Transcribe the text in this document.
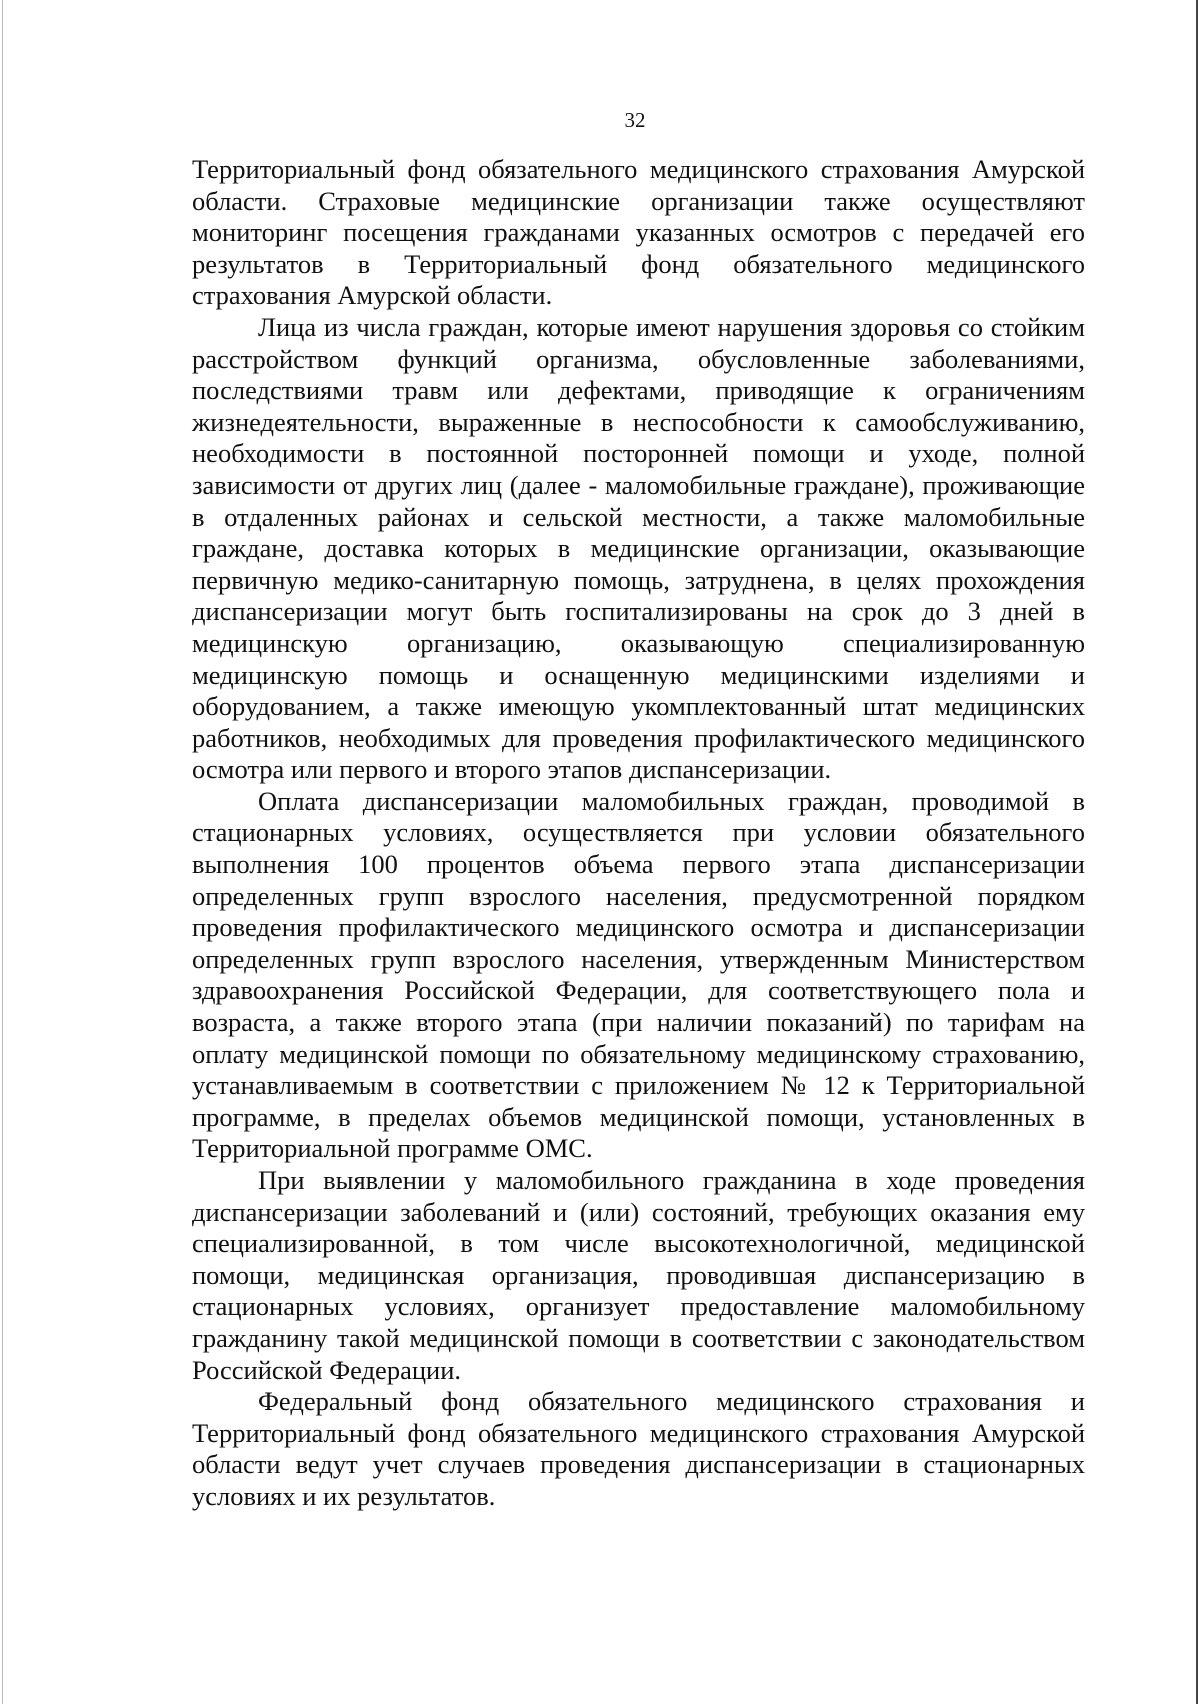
32

Территориальный фонд обязательного медицинского страхования Амурской области. Страховые медицинские организации также осуществляют мониторинг посещения гражданами указанных осмотров с передачей его результатов в Территориальный фонд обязательного медицинского страхования Амурской области.

Лица из числа граждан, которые имеют нарушения здоровья со стойким расстройством функций организма, обусловленные заболеваниями, последствиями травм или дефектами, приводящие к ограничениям жизнедеятельности, выраженные в неспособности к самообслуживанию, необходимости в постоянной посторонней помощи и уходе, полной зависимости от других лиц (далее - маломобильные граждане), проживающие в отдаленных районах и сельской местности, а также маломобильные граждане, доставка которых в медицинские организации, оказывающие первичную медико-санитарную помощь, затруднена, в целях прохождения диспансеризации могут быть госпитализированы на срок до 3 дней в медицинскую организацию, оказывающую специализированную медицинскую помощь и оснащенную медицинскими изделиями и оборудованием, а также имеющую укомплектованный штат медицинских работников, необходимых для проведения профилактического медицинского осмотра или первого и второго этапов диспансеризации.

Оплата диспансеризации маломобильных граждан, проводимой в стационарных условиях, осуществляется при условии обязательного выполнения 100 процентов объема первого этапа диспансеризации определенных групп взрослого населения, предусмотренной порядком проведения профилактического медицинского осмотра и диспансеризации определенных групп взрослого населения, утвержденным Министерством здравоохранения Российской Федерации, для соответствующего пола и возраста, а также второго этапа (при наличии показаний) по тарифам на оплату медицинской помощи по обязательному медицинскому страхованию, устанавливаемым в соответствии с приложением № 12 к Территориальной программе, в пределах объемов медицинской помощи, установленных в Территориальной программе ОМС.

При выявлении у маломобильного гражданина в ходе проведения диспансеризации заболеваний и (или) состояний, требующих оказания ему специализированной, в том числе высокотехнологичной, медицинской помощи, медицинская организация, проводившая диспансеризацию в стационарных условиях, организует предоставление маломобильному гражданину такой медицинской помощи в соответствии с законодательством Российской Федерации.

Федеральный фонд обязательного медицинского страхования и Территориальный фонд обязательного медицинского страхования Амурской области ведут учет случаев проведения диспансеризации в стационарных условиях и их результатов.
